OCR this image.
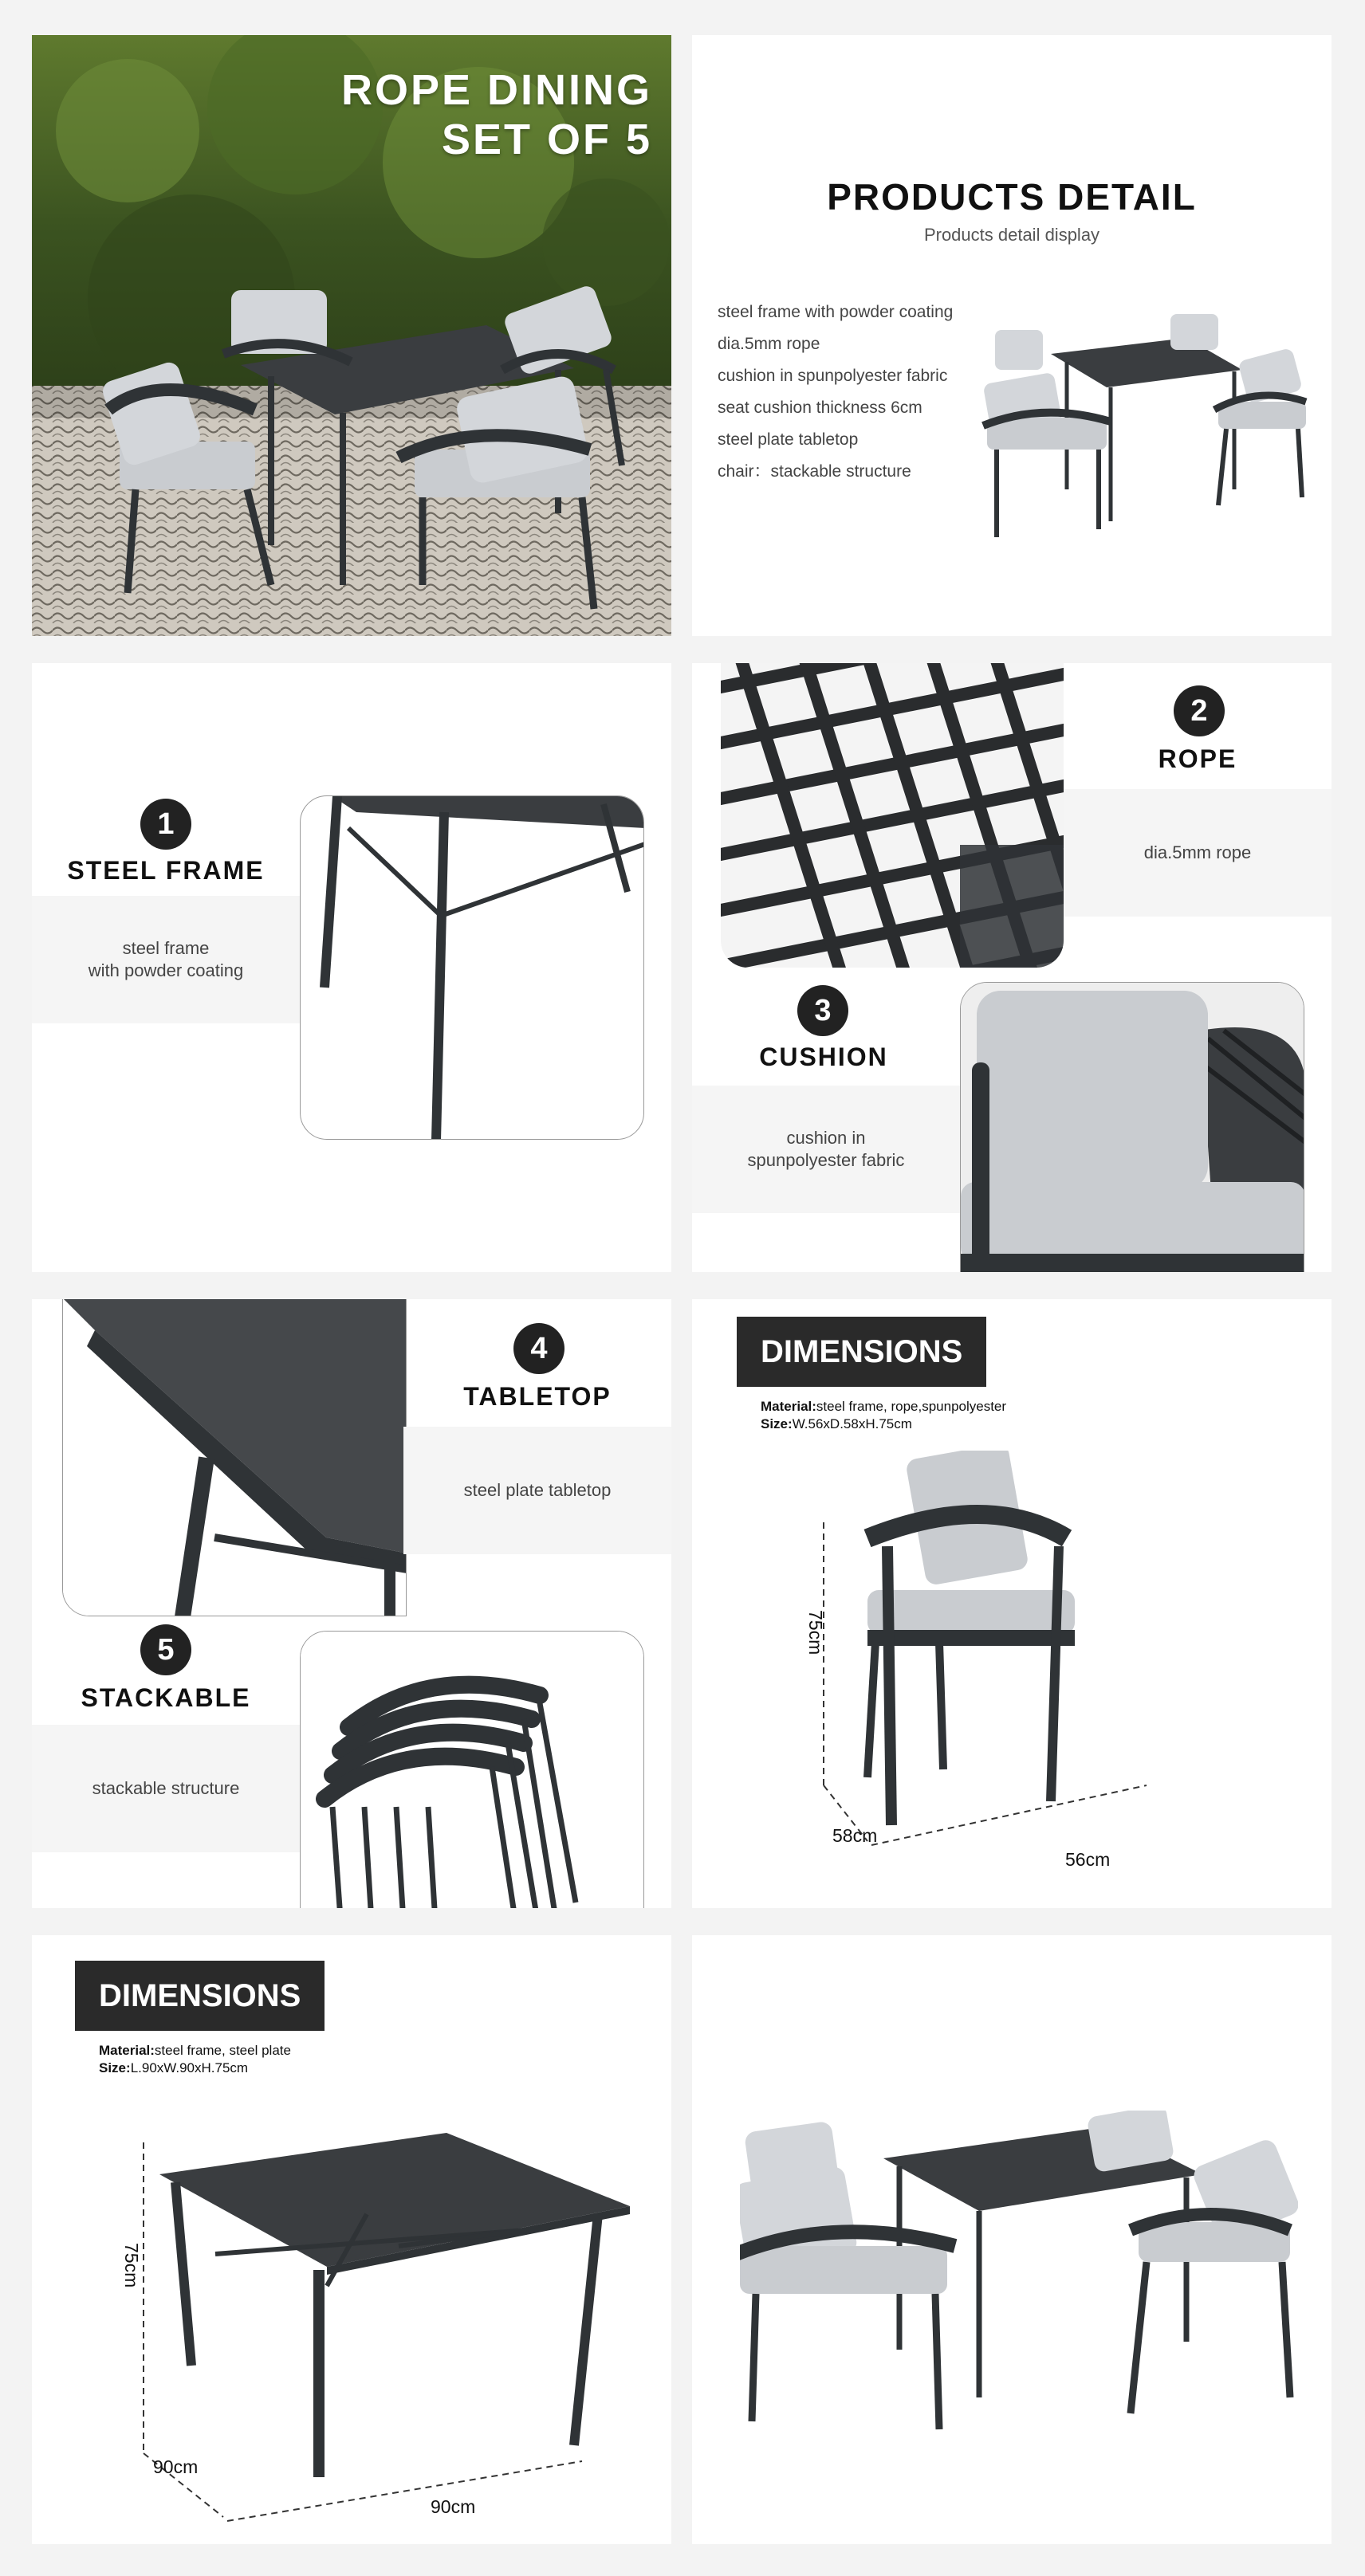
ROPE DINING
SET OF 5
PRODUCTS DETAIL
Products detail display
steel frame with powder coating
dia.5mm rope
cushion in spunpolyester fabric
seat cushion thickness 6cm
steel plate tabletop
chair：stackable structure
1
STEEL FRAME
steel frame
with powder coating
2
ROPE
dia.5mm rope
3
CUSHION
cushion in
spunpolyester fabric
4
TABLETOP
steel plate tabletop
5
STACKABLE
stackable structure
DIMENSIONS
Material:steel frame, rope,spunpolyester
Size:W.56xD.58xH.75cm
75cm
58cm
56cm
DIMENSIONS
Material:steel frame, steel plate
Size:L.90xW.90xH.75cm
75cm
90cm
90cm
